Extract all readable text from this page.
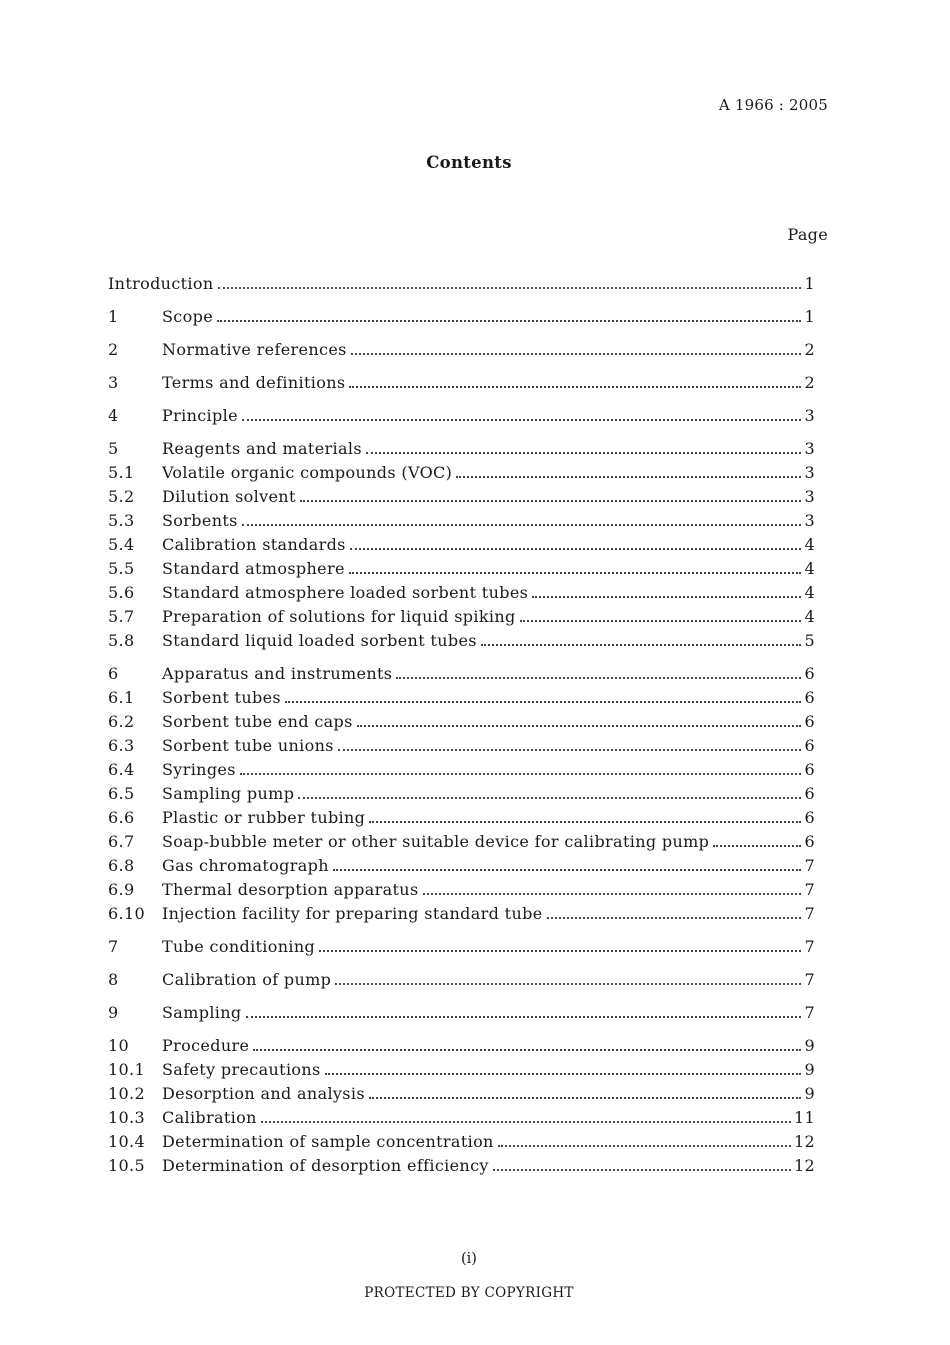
A 1966 : 2005
Contents
Page
Introduction	1
1	Scope	1
2	Normative references	2
3	Terms and definitions	2
4	Principle	3
5	Reagents and materials	3
5.1	Volatile organic compounds (VOC)	3
5.2	Dilution solvent	3
5.3	Sorbents	3
5.4	Calibration standards	4
5.5	Standard atmosphere	4
5.6	Standard atmosphere loaded sorbent tubes	4
5.7	Preparation of solutions for liquid spiking	4
5.8	Standard liquid loaded sorbent tubes	5
6	Apparatus and instruments	6
6.1	Sorbent tubes	6
6.2	Sorbent tube end caps	6
6.3	Sorbent tube unions	6
6.4	Syringes	6
6.5	Sampling pump	6
6.6	Plastic or rubber tubing	6
6.7	Soap-bubble meter or other suitable device for calibrating pump	6
6.8	Gas chromatograph	7
6.9	Thermal desorption apparatus	7
6.10	Injection facility for preparing standard tube	7
7	Tube conditioning	7
8	Calibration of pump	7
9	Sampling	7
10	Procedure	9
10.1	Safety precautions	9
10.2	Desorption and analysis	9
10.3	Calibration	11
10.4	Determination of sample concentration	12
10.5	Determination of desorption efficiency	12
(i)
PROTECTED BY COPYRIGHT
